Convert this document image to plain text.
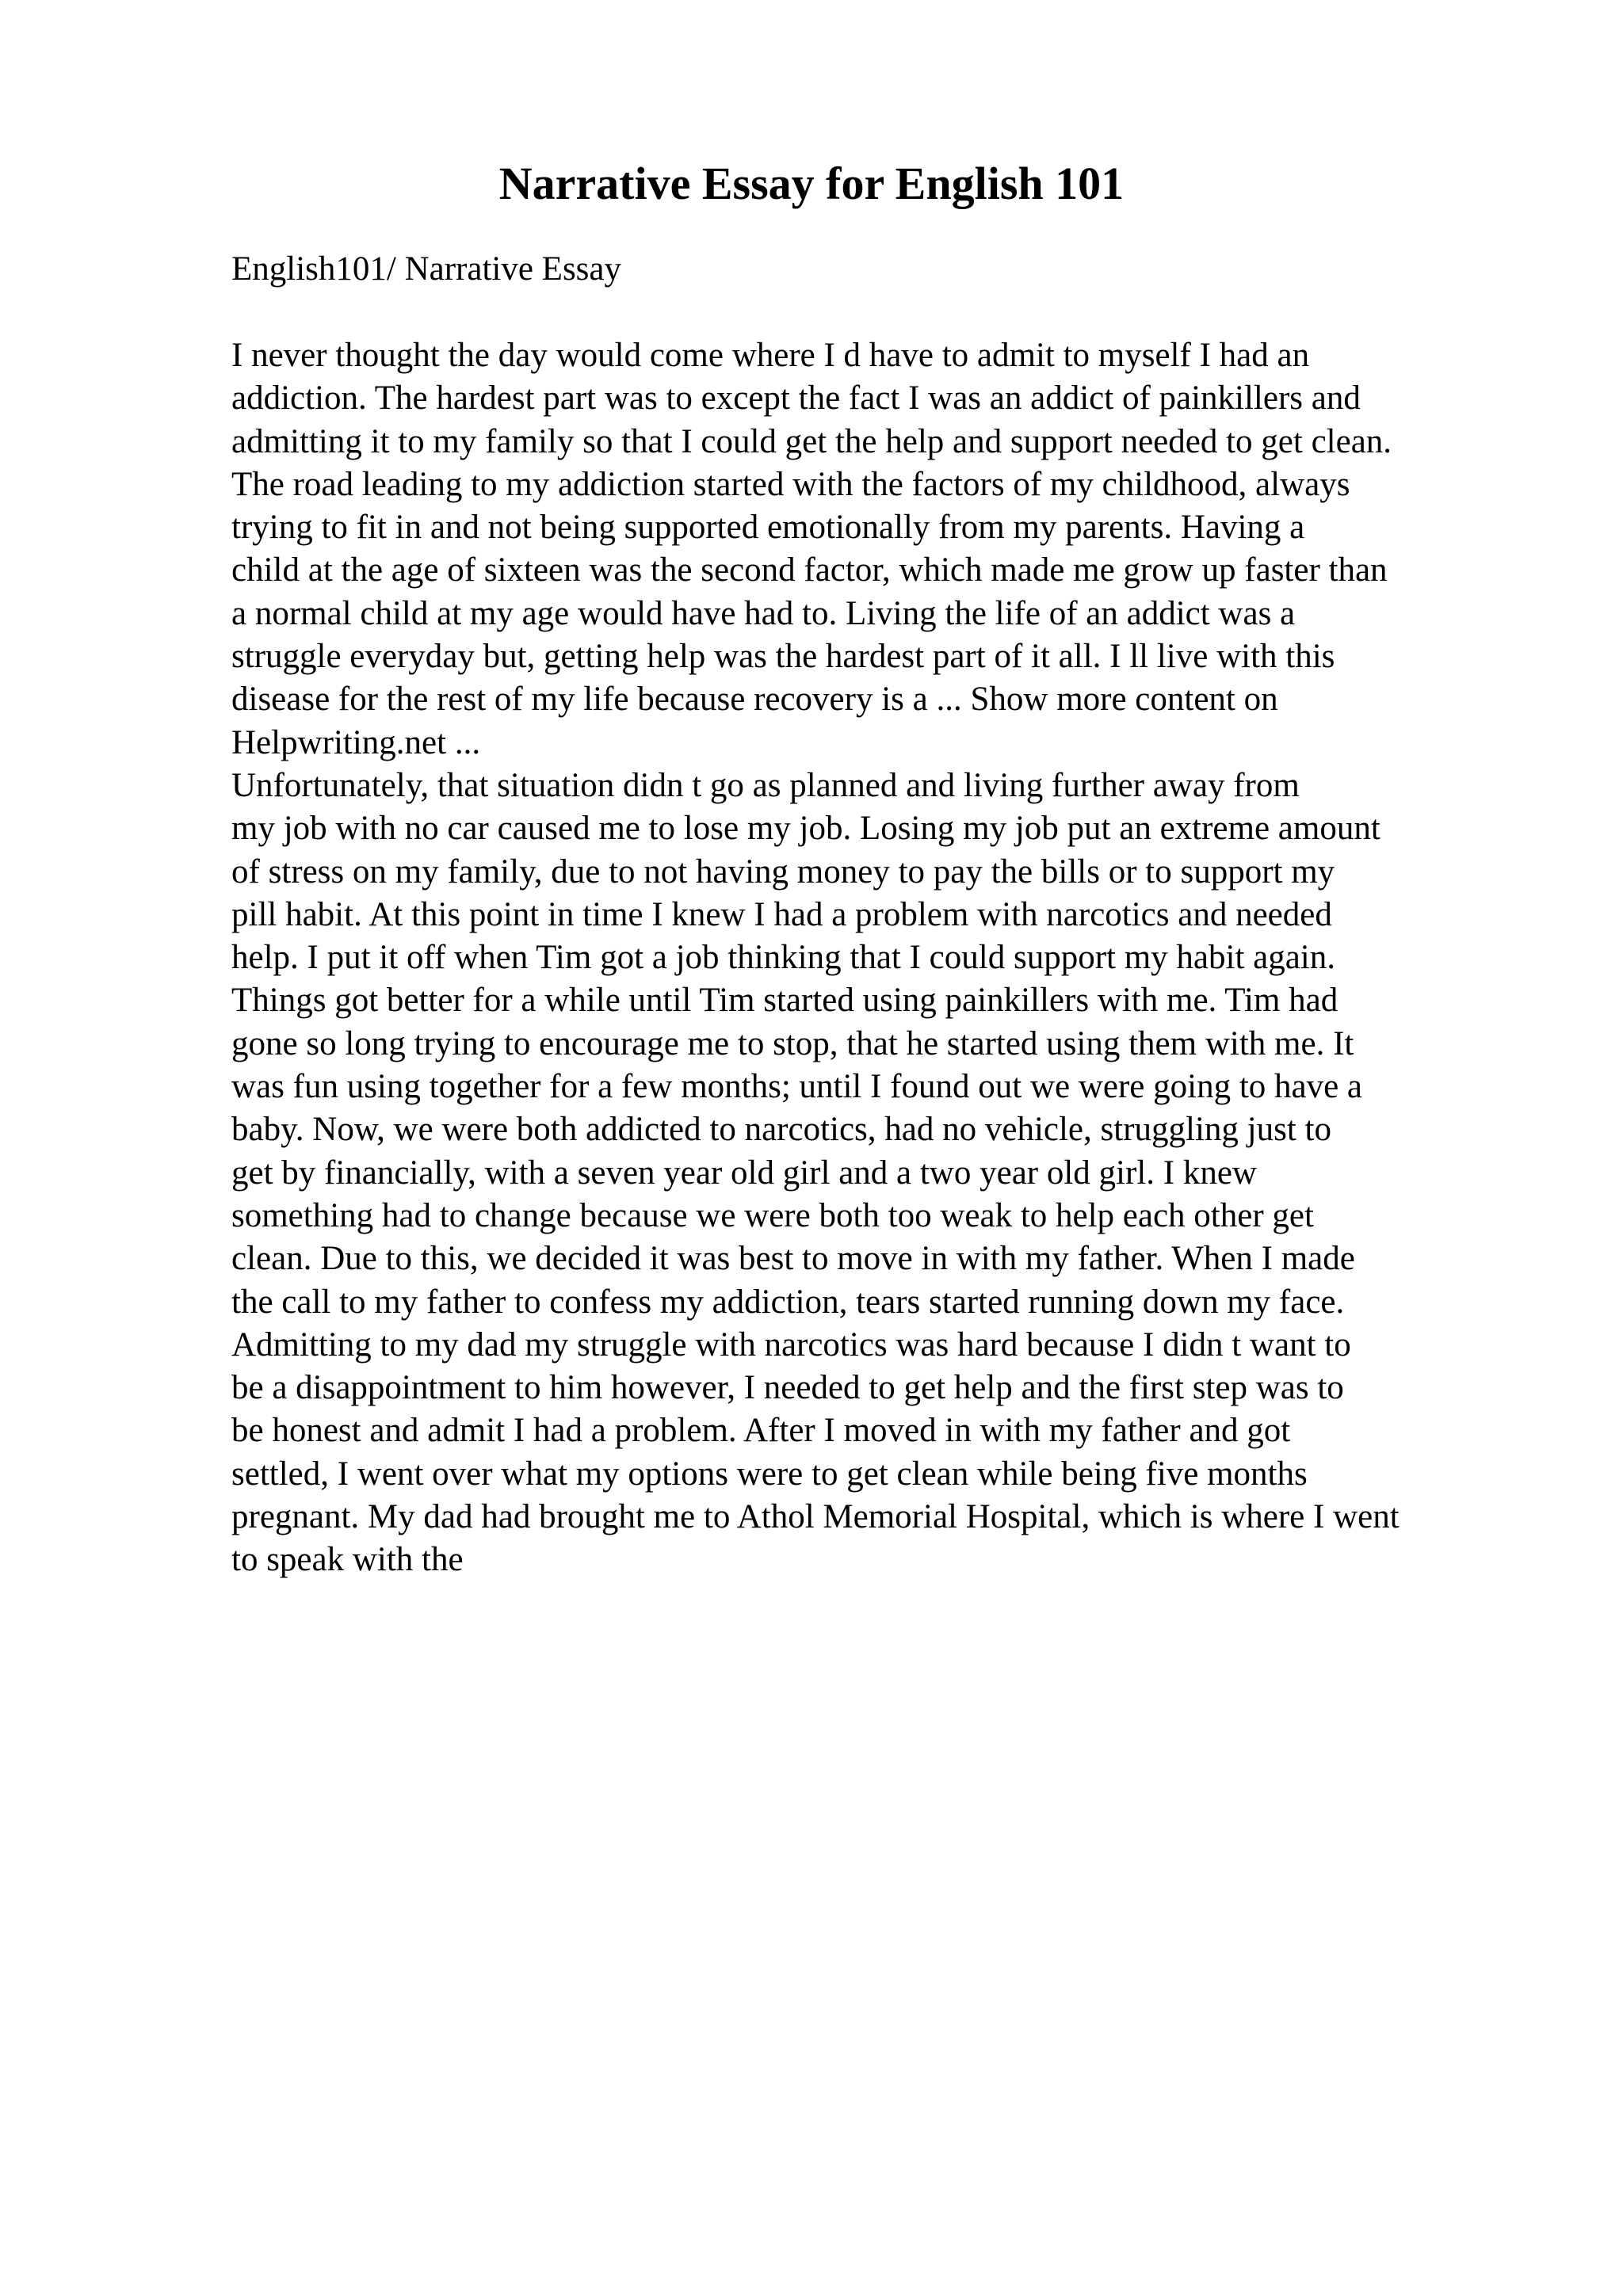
Narrative Essay for English 101

English101/ Narrative Essay

I never thought the day would come where I d have to admit to myself I had an
addiction. The hardest part was to except the fact I was an addict of painkillers and
admitting it to my family so that I could get the help and support needed to get clean.
The road leading to my addiction started with the factors of my childhood, always
trying to fit in and not being supported emotionally from my parents. Having a
child at the age of sixteen was the second factor, which made me grow up faster than
a normal child at my age would have had to. Living the life of an addict was a
struggle everyday but, getting help was the hardest part of it all. I ll live with this
disease for the rest of my life because recovery is a ... Show more content on
Helpwriting.net ...
Unfortunately, that situation didn t go as planned and living further away from
my job with no car caused me to lose my job. Losing my job put an extreme amount
of stress on my family, due to not having money to pay the bills or to support my
pill habit. At this point in time I knew I had a problem with narcotics and needed
help. I put it off when Tim got a job thinking that I could support my habit again.
Things got better for a while until Tim started using painkillers with me. Tim had
gone so long trying to encourage me to stop, that he started using them with me. It
was fun using together for a few months; until I found out we were going to have a
baby. Now, we were both addicted to narcotics, had no vehicle, struggling just to
get by financially, with a seven year old girl and a two year old girl. I knew
something had to change because we were both too weak to help each other get
clean. Due to this, we decided it was best to move in with my father. When I made
the call to my father to confess my addiction, tears started running down my face.
Admitting to my dad my struggle with narcotics was hard because I didn t want to
be a disappointment to him however, I needed to get help and the first step was to
be honest and admit I had a problem. After I moved in with my father and got
settled, I went over what my options were to get clean while being five months
pregnant. My dad had brought me to Athol Memorial Hospital, which is where I went
to speak with the
